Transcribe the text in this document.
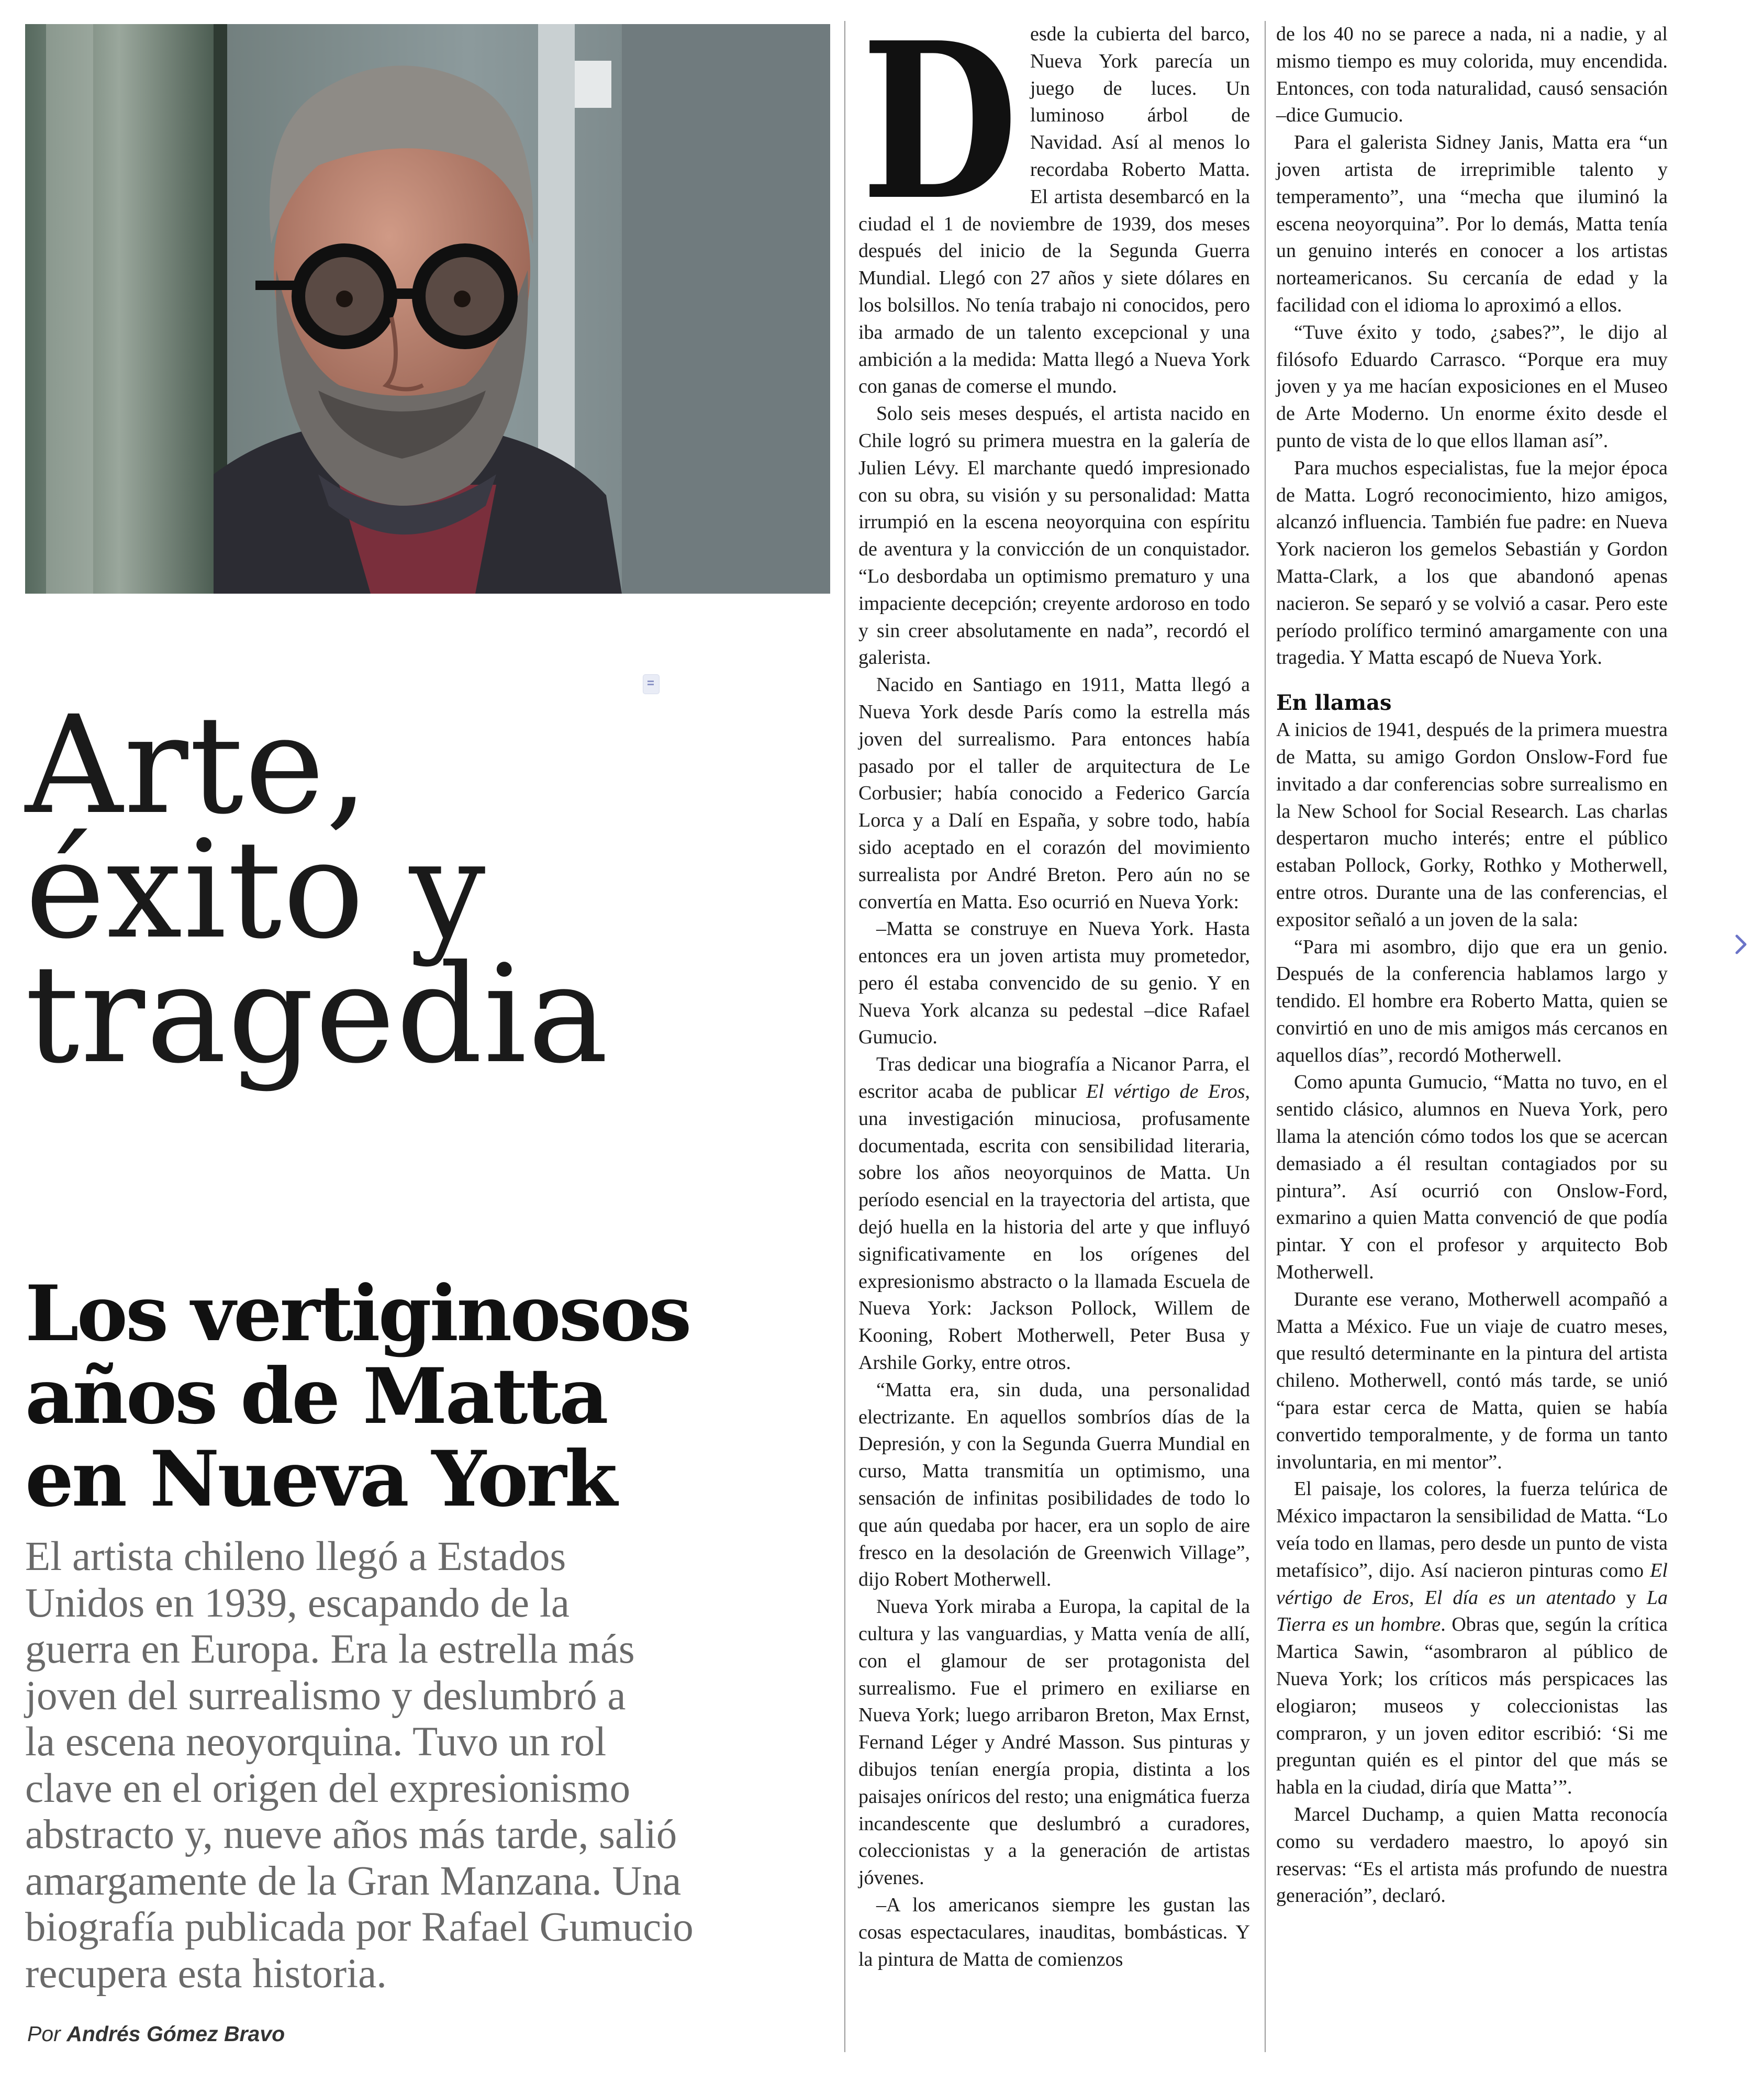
Arte,
éxito y
tragedia
Los vertiginosos
años de Matta
en Nueva York
El artista chileno llegó a Estados
Unidos en 1939, escapando de la
guerra en Europa. Era la estrella más
joven del surrealismo y deslumbró a
la escena neoyorquina. Tuvo un rol
clave en el origen del expresionismo
abstracto y, nueve años más tarde, salió
amargamente de la Gran Manzana. Una
biografía publicada por Rafael Gumucio
recupera esta historia.
Por Andrés Gómez Bravo
D esde la cubierta del barco, Nueva York parecía un juego de luces. Un luminoso árbol de Navidad. Así al menos lo recordaba Roberto Matta. El artista desembarcó en la ciudad el 1 de noviembre de 1939, dos meses después del inicio de la Segunda Guerra Mundial. Llegó con 27 años y siete dólares en los bolsillos. No tenía trabajo ni conocidos, pero iba armado de un talento excepcional y una ambición a la medida: Matta llegó a Nueva York con ganas de comerse el mundo.

Solo seis meses después, el artista nacido en Chile logró su primera muestra en la galería de Julien Lévy. El marchante quedó impresionado con su obra, su visión y su personalidad: Matta irrumpió en la escena neoyorquina con espíritu de aventura y la convicción de un conquistador. “Lo desbordaba un optimismo prematuro y una impaciente decepción; creyente ardoroso en todo y sin creer absolutamente en nada”, recordó el galerista.

Nacido en Santiago en 1911, Matta llegó a Nueva York desde París como la estrella más joven del surrealismo. Para entonces había pasado por el taller de arquitectura de Le Corbusier; había conocido a Federico García Lorca y a Dalí en España, y sobre todo, había sido aceptado en el corazón del movimiento surrealista por André Breton. Pero aún no se convertía en Matta. Eso ocurrió en Nueva York:

–Matta se construye en Nueva York. Hasta entonces era un joven artista muy prometedor, pero él estaba convencido de su genio. Y en Nueva York alcanza su pedestal –dice Rafael Gumucio.

Tras dedicar una biografía a Nicanor Parra, el escritor acaba de publicar El vértigo de Eros, una investigación minuciosa, profusamente documentada, escrita con sensibilidad literaria, sobre los años neoyorquinos de Matta. Un período esencial en la trayectoria del artista, que dejó huella en la historia del arte y que influyó significativamente en los orígenes del expresionismo abstracto o la llamada Escuela de Nueva York: Jackson Pollock, Willem de Kooning, Robert Motherwell, Peter Busa y Arshile Gorky, entre otros.

“Matta era, sin duda, una personalidad electrizante. En aquellos sombríos días de la Depresión, y con la Segunda Guerra Mundial en curso, Matta transmitía un optimismo, una sensación de infinitas posibilidades de todo lo que aún quedaba por hacer, era un soplo de aire fresco en la desolación de Greenwich Village”, dijo Robert Motherwell.

Nueva York miraba a Europa, la capital de la cultura y las vanguardias, y Matta venía de allí, con el glamour de ser protagonista del surrealismo. Fue el primero en exiliarse en Nueva York; luego arribaron Breton, Max Ernst, Fernand Léger y André Masson. Sus pinturas y dibujos tenían energía propia, distinta a los paisajes oníricos del resto; una enigmática fuerza incandescente que deslumbró a curadores, coleccionistas y a la generación de artistas jóvenes.

–A los americanos siempre les gustan las cosas espectaculares, inauditas, bombásticas. Y la pintura de Matta de comienzos

de los 40 no se parece a nada, ni a nadie, y al mismo tiempo es muy colorida, muy encendida. Entonces, con toda naturalidad, causó sensación –dice Gumucio.

Para el galerista Sidney Janis, Matta era “un joven artista de irreprimible talento y temperamento”, una “mecha que iluminó la escena neoyorquina”. Por lo demás, Matta tenía un genuino interés en conocer a los artistas norteamericanos. Su cercanía de edad y la facilidad con el idioma lo aproximó a ellos.

“Tuve éxito y todo, ¿sabes?”, le dijo al filósofo Eduardo Carrasco. “Porque era muy joven y ya me hacían exposiciones en el Museo de Arte Moderno. Un enorme éxito desde el punto de vista de lo que ellos llaman así”.

Para muchos especialistas, fue la mejor época de Matta. Logró reconocimiento, hizo amigos, alcanzó influencia. También fue padre: en Nueva York nacieron los gemelos Sebastián y Gordon Matta-Clark, a los que abandonó apenas nacieron. Se separó y se volvió a casar. Pero este período prolífico terminó amargamente con una tragedia. Y Matta escapó de Nueva York.

En llamas

A inicios de 1941, después de la primera muestra de Matta, su amigo Gordon Onslow-Ford fue invitado a dar conferencias sobre surrealismo en la New School for Social Research. Las charlas despertaron mucho interés; entre el público estaban Pollock, Gorky, Rothko y Motherwell, entre otros. Durante una de las conferencias, el expositor señaló a un joven de la sala:

“Para mi asombro, dijo que era un genio. Después de la conferencia hablamos largo y tendido. El hombre era Roberto Matta, quien se convirtió en uno de mis amigos más cercanos en aquellos días”, recordó Motherwell.

Como apunta Gumucio, “Matta no tuvo, en el sentido clásico, alumnos en Nueva York, pero llama la atención cómo todos los que se acercan demasiado a él resultan contagiados por su pintura”. Así ocurrió con Onslow-Ford, exmarino a quien Matta convenció de que podía pintar. Y con el profesor y arquitecto Bob Motherwell.

Durante ese verano, Motherwell acompañó a Matta a México. Fue un viaje de cuatro meses, que resultó determinante en la pintura del artista chileno. Motherwell, contó más tarde, se unió “para estar cerca de Matta, quien se había convertido temporalmente, y de forma un tanto involuntaria, en mi mentor”.

El paisaje, los colores, la fuerza telúrica de México impactaron la sensibilidad de Matta. “Lo veía todo en llamas, pero desde un punto de vista metafísico”, dijo. Así nacieron pinturas como El vértigo de Eros, El día es un atentado y La Tierra es un hombre. Obras que, según la crítica Martica Sawin, “asombraron al público de Nueva York; los críticos más perspicaces las elogiaron; museos y coleccionistas las compraron, y un joven editor escribió: ‘Si me preguntan quién es el pintor del que más se habla en la ciudad, diría que Matta’”.

Marcel Duchamp, a quien Matta reconocía como su verdadero maestro, lo apoyó sin reservas: “Es el artista más profundo de nuestra generación”, declaró.
